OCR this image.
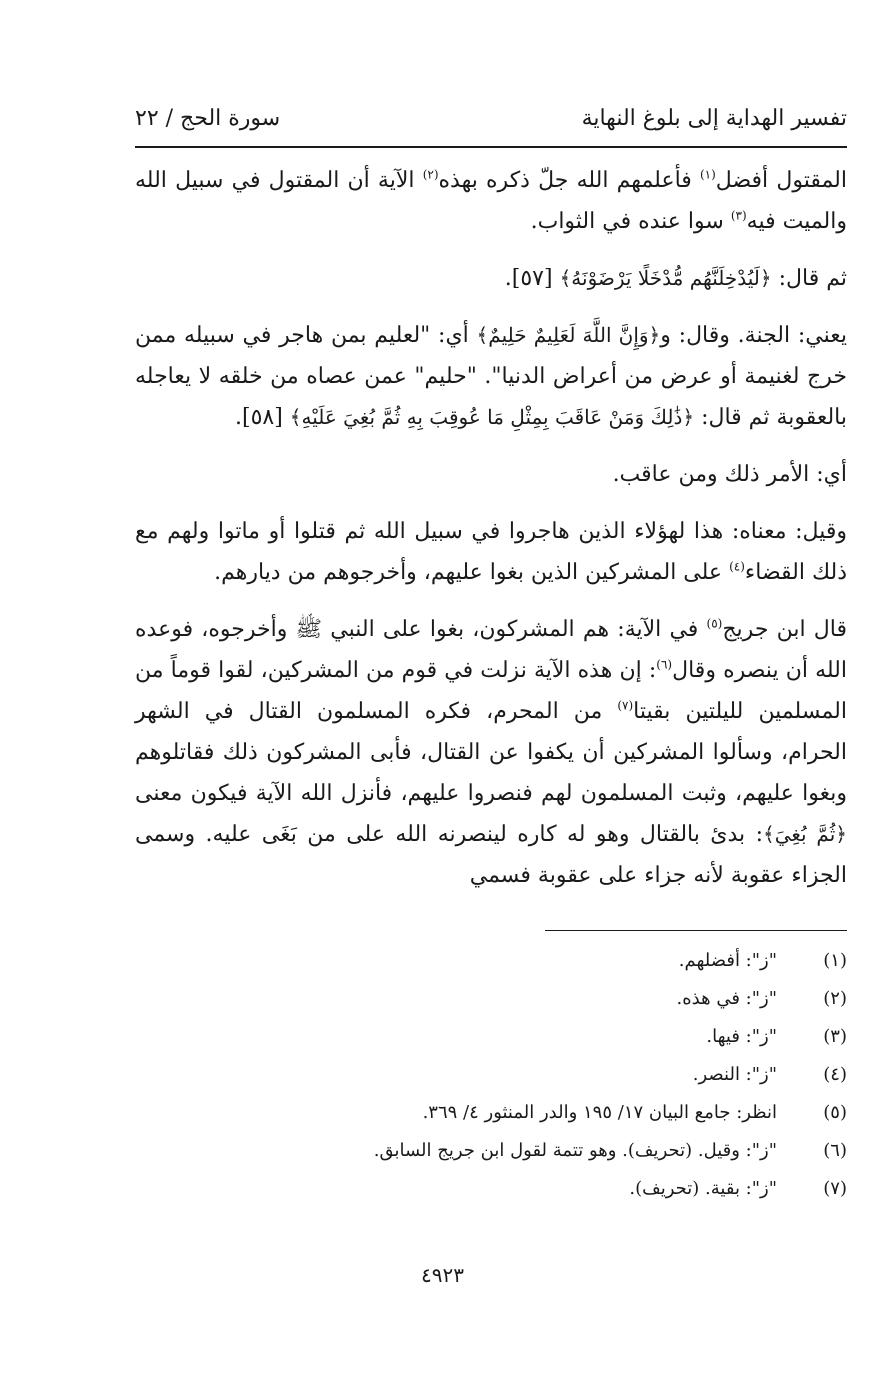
تفسير الهداية إلى بلوغ النهاية
سورة الحج / ٢٢

المقتول أفضل$^{(١)}$ فأعلمهم الله جلّ ذكره بهذه$^{(٢)}$ الآية أن المقتول في سبيل الله والميت فيه$^{(٣)}$ سوا عنده في الثواب.

ثم قال: ﴿لَيُدْخِلَنَّهُم مُّدْخَلًا يَرْضَوْنَهُ﴾ [٥٧].

يعني: الجنة. وقال: و﴿وَإِنَّ اللَّهَ لَعَلِيمٌ حَلِيمٌ﴾ أي: "لعليم بمن هاجر في سبيله ممن خرج لغنيمة أو عرض من أعراض الدنيا". "حليم" عمن عصاه من خلقه لا يعاجله بالعقوبة ثم قال: ﴿ذَٰلِكَ وَمَنْ عَاقَبَ بِمِثْلِ مَا عُوقِبَ بِهِ ثُمَّ بُغِيَ عَلَيْهِ﴾ [٥٨].

أي: الأمر ذلك ومن عاقب.

وقيل: معناه: هذا لهؤلاء الذين هاجروا في سبيل الله ثم قتلوا أو ماتوا ولهم مع ذلك القضاء$^{(٤)}$ على المشركين الذين بغوا عليهم، وأخرجوهم من ديارهم.

قال ابن جريج$^{(٥)}$ في الآية: هم المشركون، بغوا على النبي ﷺ وأخرجوه، فوعده الله أن ينصره وقال$^{(٦)}$: إن هذه الآية نزلت في قوم من المشركين، لقوا قوماً من المسلمين لليلتين بقيتا$^{(٧)}$ من المحرم، فكره المسلمون القتال في الشهر الحرام، وسألوا المشركين أن يكفوا عن القتال، فأبى المشركون ذلك فقاتلوهم وبغوا عليهم، وثبت المسلمون لهم فنصروا عليهم، فأنزل الله الآية فيكون معنى ﴿ثُمَّ بُغِيَ﴾: بدئ بالقتال وهو له كاره لينصرنه الله على من بَغَى عليه. وسمى الجزاء عقوبة لأنه جزاء على عقوبة فسمي

(١)
"ز": أفضلهم.
(٢)
"ز": في هذه.
(٣)
"ز": فيها.
(٤)
"ز": النصر.
(٥)
انظر: جامع البيان ١٧/ ١٩٥ والدر المنثور ٤/ ٣٦٩.
(٦)
"ز": وقيل. (تحريف). وهو تتمة لقول ابن جريج السابق.
(٧)
"ز": بقية. (تحريف).
٤٩٢٣
